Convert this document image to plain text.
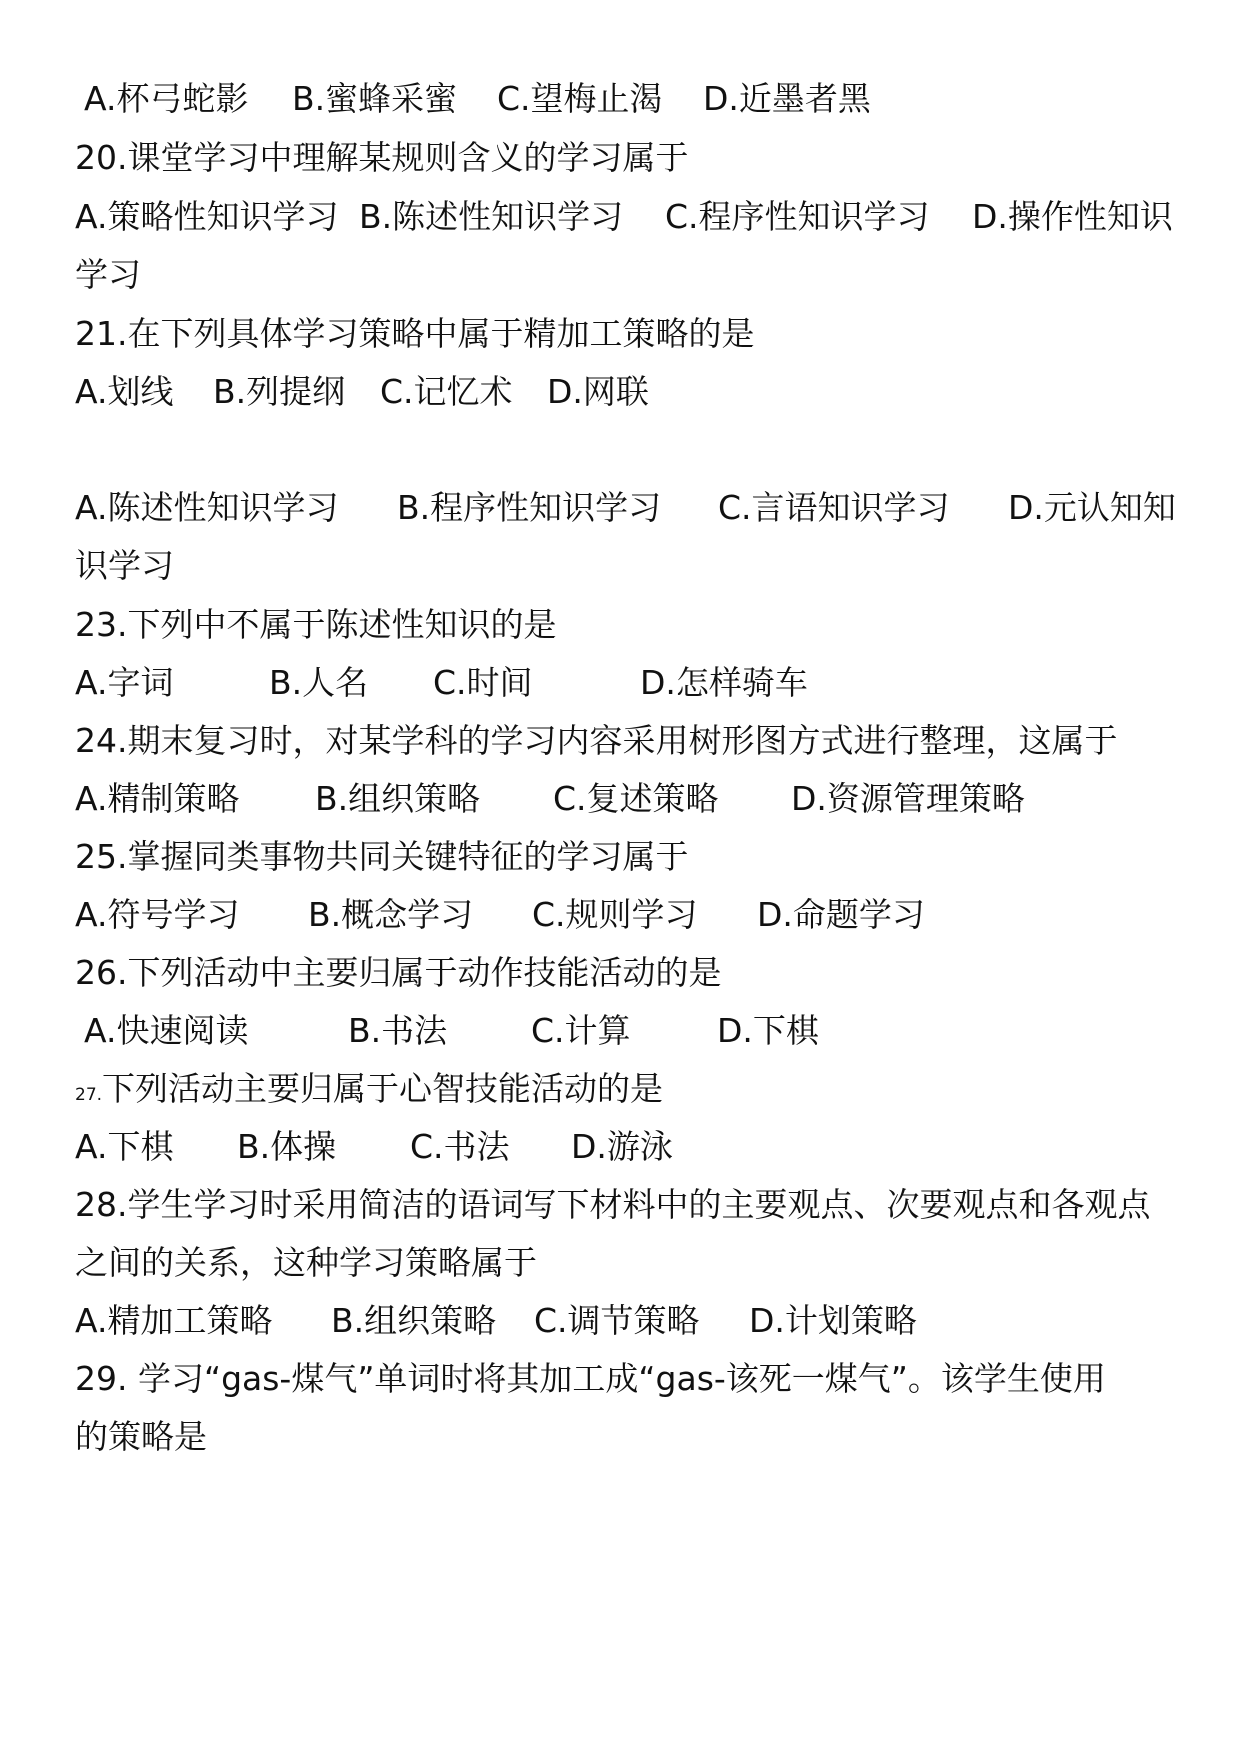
A.杯弓蛇影

B.蜜蜂采蜜

C.望梅止渴

D.近墨者黑

20.课堂学习中理解某规则含义的学习属于

A.策略性知识学习

B.陈述性知识学习

C.程序性知识学习

D.操作性知识

学习
21.在下列具体学习策略中属于精加工策略的是

A.划线

B.列提纲

C.记忆术

D.网联

A.陈述性知识学习

B.程序性知识学习

C.言语知识学习

D.元认知知

识学习
23.下列中不属于陈述性知识的是

A.字词

	B.人名

C.时间

	D.怎样骑车

24.期末复习时，对某学科的学习内容采用树形图方式进行整理，这属于

A.精制策略

B.组织策略

C.复述策略

D.资源管理策略

25.掌握同类事物共同关键特征的学习属于

A.符号学习

B.概念学习

C.规则学习

D.命题学习

26.下列活动中主要归属于动作技能活动的是

A.快速阅读

	B.书法

	C.计算

	D.下棋

27.下列活动主要归属于心智技能活动的是

A.下棋

B.体操

C.书法

D.游泳

28.学生学习时采用简洁的语词写下材料中的主要观点、次要观点和各观点
之间的关系，这种学习策略属于

A.精加工策略

B.组织策略

C.调节策略

D.计划策略

29. 学习“gas-煤气”单词时将其加工成“gas-该死一煤气”。该学生使用
的策略是
